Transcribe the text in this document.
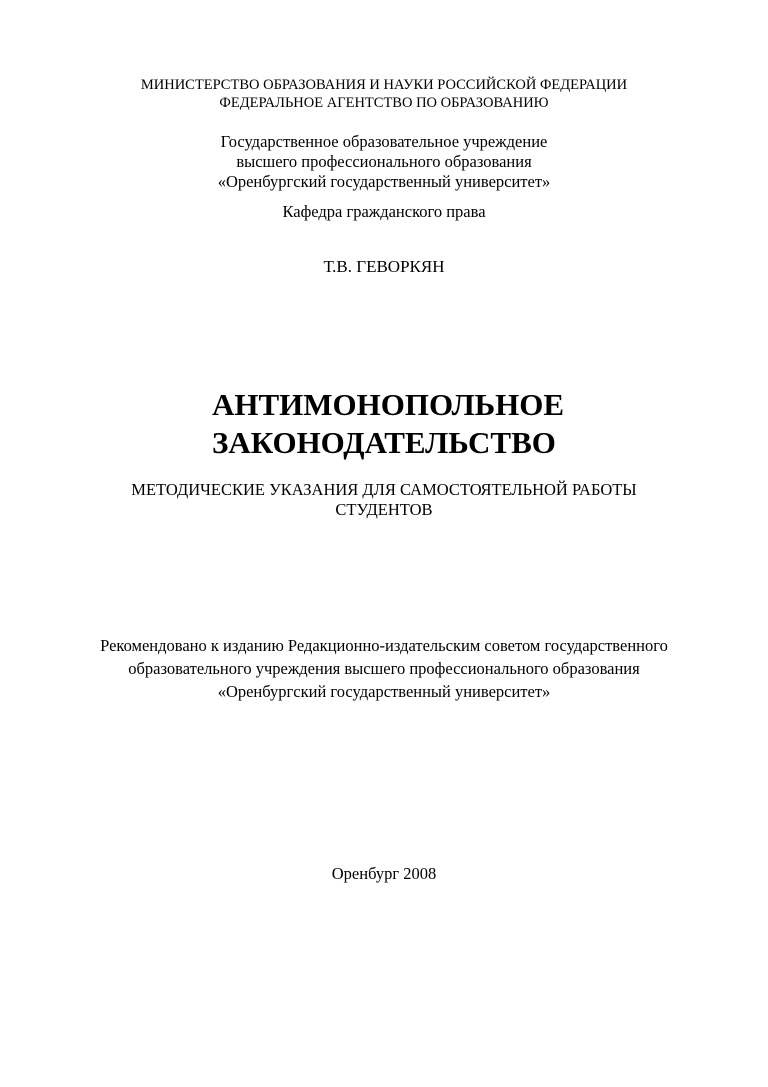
МИНИСТЕРСТВО ОБРАЗОВАНИЯ И НАУКИ РОССИЙСКОЙ ФЕДЕРАЦИИ
ФЕДЕРАЛЬНОЕ АГЕНТСТВО ПО ОБРАЗОВАНИЮ
Государственное образовательное учреждение
высшего профессионального образования
«Оренбургский государственный университет»
Кафедра гражданского права
Т.В. ГЕВОРКЯН
АНТИМОНОПОЛЬНОЕ
ЗАКОНОДАТЕЛЬСТВО
МЕТОДИЧЕСКИЕ УКАЗАНИЯ ДЛЯ САМОСТОЯТЕЛЬНОЙ РАБОТЫ
СТУДЕНТОВ
Рекомендовано к изданию Редакционно-издательским советом государственного
образовательного учреждения высшего профессионального образования
«Оренбургский государственный университет»
Оренбург 2008
